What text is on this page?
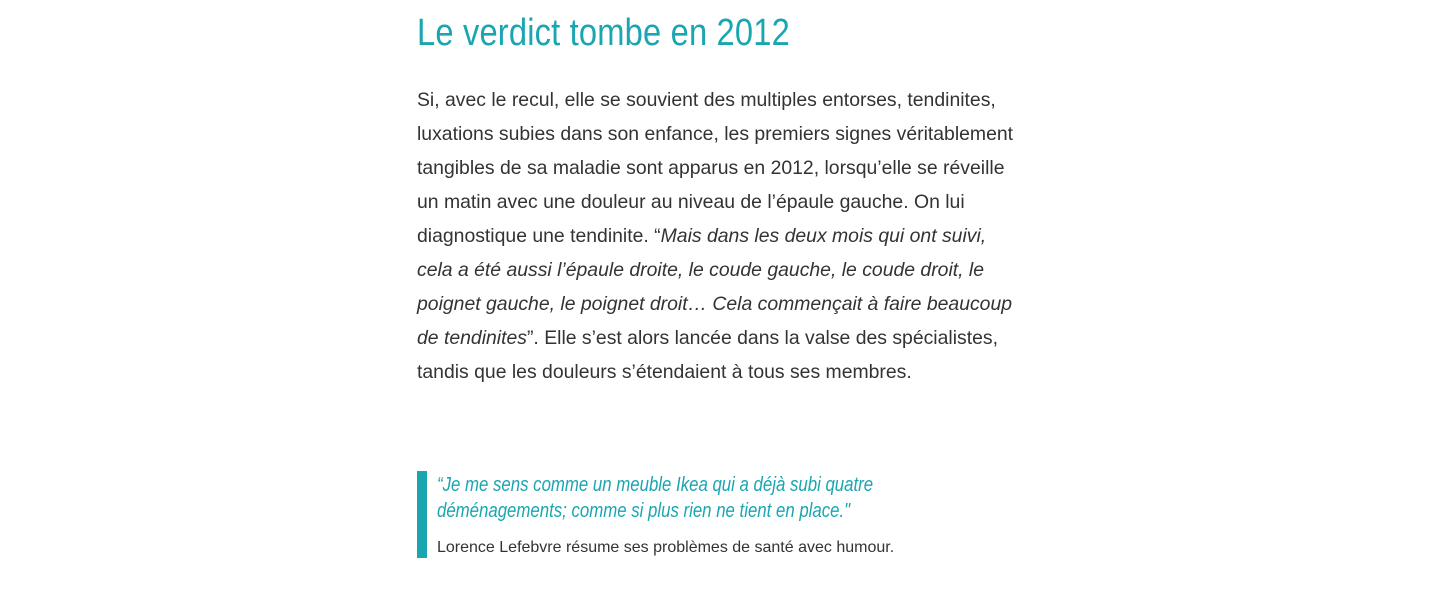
Le verdict tombe en 2012

Si, avec le recul, elle se souvient des multiples entorses, tendinites, luxations subies dans son enfance, les premiers signes véritablement tangibles de sa maladie sont apparus en 2012, lorsqu’elle se réveille un matin avec une douleur au niveau de l’épaule gauche. On lui diagnostique une tendinite. “Mais dans les deux mois qui ont suivi, cela a été aussi l’épaule droite, le coude gauche, le coude droit, le poignet gauche, le poignet droit… Cela commençait à faire beaucoup de tendinites”. Elle s’est alors lancée dans la valse des spécialistes, tandis que les douleurs s’étendaient à tous ses membres.

“Je me sens comme un meuble Ikea qui a déjà subi quatre déménagements; comme si plus rien ne tient en place."

Lorence Lefebvre résume ses problèmes de santé avec humour.
